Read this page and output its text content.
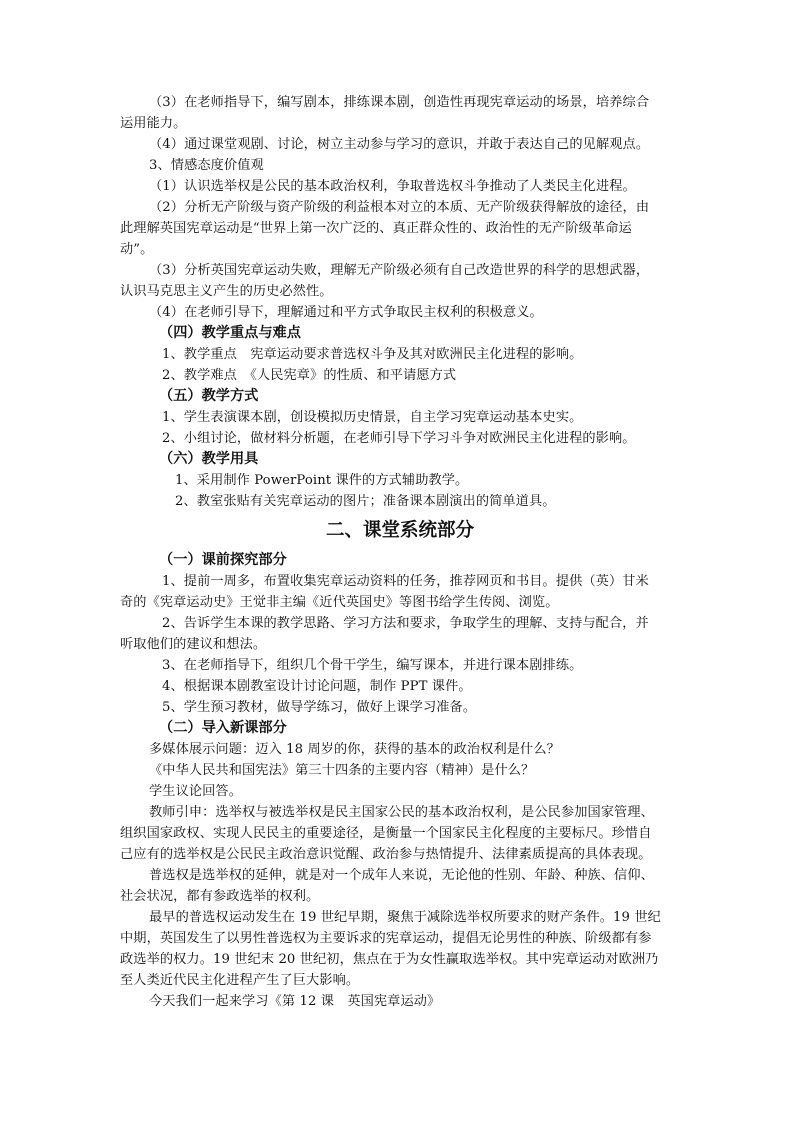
（3）在老师指导下，编写剧本，排练课本剧，创造性再现宪章运动的场景，培养综合
运用能力。
（4）通过课堂观剧、讨论，树立主动参与学习的意识，并敢于表达自己的见解观点。
3、情感态度价值观
（1）认识选举权是公民的基本政治权利，争取普选权斗争推动了人类民主化进程。
（2）分析无产阶级与资产阶级的利益根本对立的本质、无产阶级获得解放的途径，由
此理解英国宪章运动是“世界上第一次广泛的、真正群众性的、政治性的无产阶级革命运
动”。
（3）分析英国宪章运动失败，理解无产阶级必须有自己改造世界的科学的思想武器，
认识马克思主义产生的历史必然性。
（4）在老师引导下，理解通过和平方式争取民主权利的积极意义。
（四）教学重点与难点
1、教学重点　宪章运动要求普选权斗争及其对欧洲民主化进程的影响。
2、教学难点　《人民宪章》的性质、和平请愿方式
（五）教学方式
1、学生表演课本剧，创设模拟历史情景，自主学习宪章运动基本史实。
2、小组讨论，做材料分析题，在老师引导下学习斗争对欧洲民主化进程的影响。
（六）教学用具
1、采用制作 PowerPoint 课件的方式辅助教学。
2、教室张贴有关宪章运动的图片；准备课本剧演出的简单道具。
二、课堂系统部分
（一）课前探究部分
1、提前一周多，布置收集宪章运动资料的任务，推荐网页和书目。提供（英）甘米
奇的《宪章运动史》王觉非主编《近代英国史》等图书给学生传阅、浏览。
2、告诉学生本课的教学思路、学习方法和要求，争取学生的理解、支持与配合，并
听取他们的建议和想法。
3、在老师指导下，组织几个骨干学生，编写课本，并进行课本剧排练。
4、根据课本剧教室设计讨论问题，制作 PPT 课件。
5、学生预习教材，做导学练习，做好上课学习准备。
（二）导入新课部分
多媒体展示问题：迈入 18 周岁的你，获得的基本的政治权利是什么？
《中华人民共和国宪法》第三十四条的主要内容（精神）是什么？
学生议论回答。
教师引申：选举权与被选举权是民主国家公民的基本政治权利，是公民参加国家管理、
组织国家政权、实现人民民主的重要途径，是衡量一个国家民主化程度的主要标尺。珍惜自
己应有的选举权是公民民主政治意识觉醒、政治参与热情提升、法律素质提高的具体表现。
普选权是选举权的延伸，就是对一个成年人来说，无论他的性别、年龄、种族、信仰、
社会状况，都有参政选举的权利。
最早的普选权运动发生在 19 世纪早期，聚焦于减除选举权所要求的财产条件。19 世纪
中期，英国发生了以男性普选权为主要诉求的宪章运动，提倡无论男性的种族、阶级都有参
政选举的权力。19 世纪末 20 世纪初，焦点在于为女性赢取选举权。其中宪章运动对欧洲乃
至人类近代民主化进程产生了巨大影响。
今天我们一起来学习《第 12 课　英国宪章运动》
